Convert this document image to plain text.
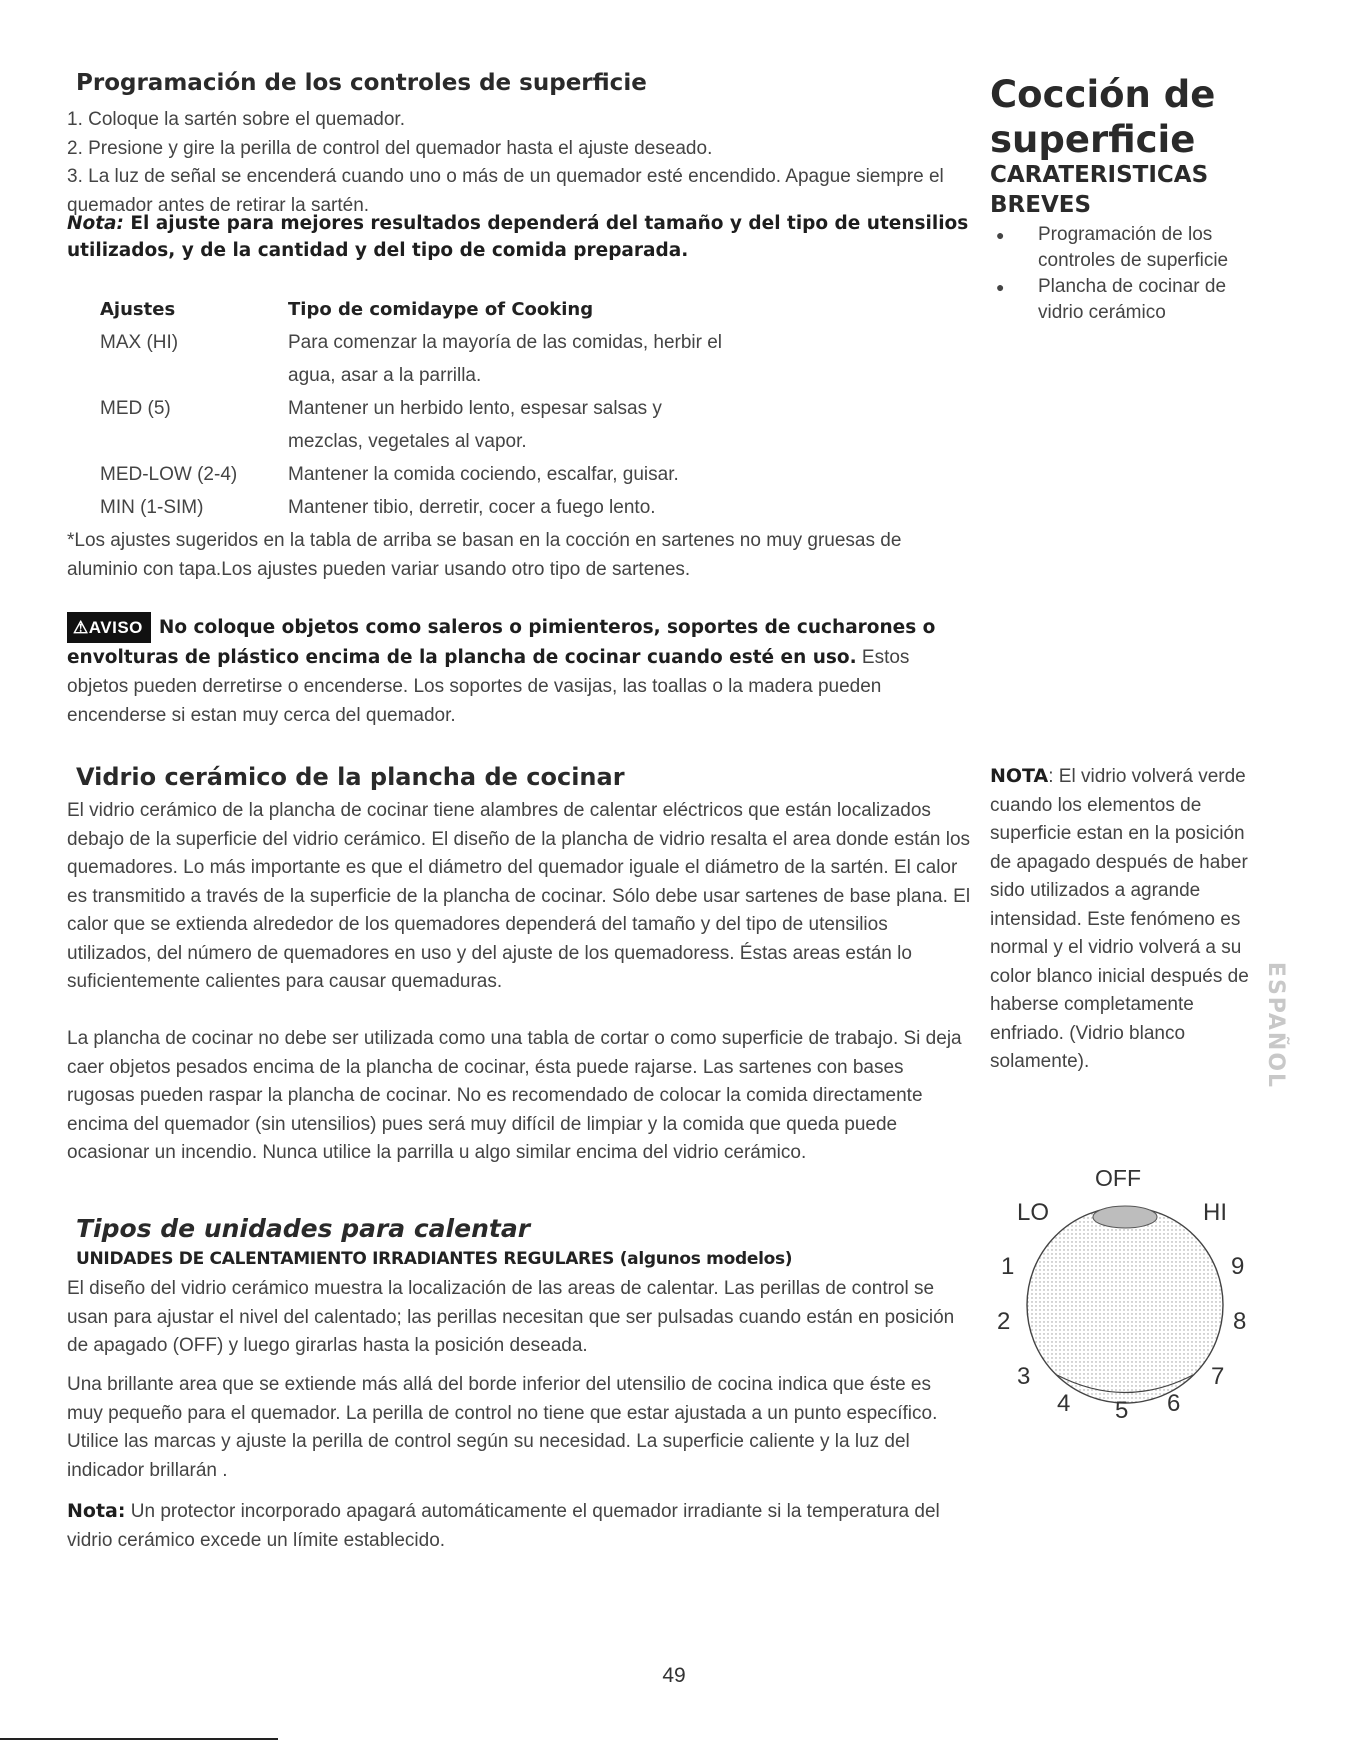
Programación de los controles de superficie

1. Coloque la sartén sobre el quemador.

2. Presione y gire la perilla de control del quemador hasta el ajuste deseado.

3. La luz de señal se encenderá cuando uno o más de un quemador esté encendido. Apague siempre el quemador antes de retirar la sartén.

Nota: El ajuste para mejores resultados dependerá del tamaño y del tipo de utensilios utilizados, y de la cantidad y del tipo de comida preparada.
Ajustes	Tipo de comidaype of Cooking
MAX (HI)	Para comenzar la mayoría de las comidas, herbir el
agua, asar a la parrilla.
MED (5)	Mantener un herbido lento, espesar salsas y
mezclas, vegetales al vapor.
MED-LOW (2-4)	Mantener la comida cociendo, escalfar, guisar.
MIN (1-SIM)	Mantener tibio, derretir, cocer a fuego lento.
*Los ajustes sugeridos en la tabla de arriba se basan en la cocción en sartenes no muy gruesas de aluminio con tapa.Los ajustes pueden variar usando otro tipo de sartenes.
⚠AVISO No coloque objetos como saleros o pimienteros, soportes de cucharones o envolturas de plástico encima de la plancha de cocinar cuando esté en uso. Estos objetos pueden derretirse o encenderse. Los soportes de vasijas, las toallas o la madera pueden encenderse si estan muy cerca del quemador.
Vidrio cerámico de la plancha de cocinar
El vidrio cerámico de la plancha de cocinar tiene alambres de calentar eléctricos que están localizados debajo de la superficie del vidrio cerámico. El diseño de la plancha de vidrio resalta el area donde están los quemadores. Lo más importante es que el diámetro del quemador iguale el diámetro de la sartén. El calor es transmitido a través de la superficie de la plancha de cocinar. Sólo debe usar sartenes de base plana. El calor que se extienda alrededor de los quemadores dependerá del tamaño y del tipo de utensilios utilizados, del número de quemadores en uso y del ajuste de los quemadoress. Éstas areas están lo suficientemente calientes para causar quemaduras.
La plancha de cocinar no debe ser utilizada como una tabla de cortar o como superficie de trabajo. Si deja caer objetos pesados encima de la plancha de cocinar, ésta puede rajarse. Las sartenes con bases rugosas pueden raspar la plancha de cocinar. No es recomendado de colocar la comida directamente encima del quemador (sin utensilios) pues será muy difícil de limpiar y la comida que queda puede ocasionar un incendio. Nunca utilice la parrilla u algo similar encima del vidrio cerámico.
Tipos de unidades para calentar
UNIDADES DE CALENTAMIENTO IRRADIANTES REGULARES (algunos modelos)
El diseño del vidrio cerámico muestra la localización de las areas de calentar. Las perillas de control se usan para ajustar el nivel del calentado; las perillas necesitan que ser pulsadas cuando están en posición de apagado (OFF) y luego girarlas hasta la posición deseada.
Una brillante area que se extiende más allá del borde inferior del utensilio de cocina indica que éste es muy pequeño para el quemador. La perilla de control no tiene que estar ajustada a un punto específico. Utilice las marcas y ajuste la perilla de control según su necesidad. La superficie caliente y la luz del indicador brillarán .
Nota: Un protector incorporado apagará automáticamente el quemador irradiante si la temperatura del vidrio cerámico excede un límite establecido.
Cocción de superficie
CARATERISTICAS BREVES
● Programación de los controles de superficie
● Plancha de cocinar de vidrio cerámico
NOTA: El vidrio volverá verde cuando los elementos de superficie estan en la posición de apagado después de haber sido utilizados a agrande intensidad. Este fenómeno es normal y el vidrio volverá a su color blanco inicial después de haberse completamente enfriado. (Vidrio blanco solamente).	ESPAÑOL
OFF
LO	HI
1
2
3
4 5 6
7
8
9
49
